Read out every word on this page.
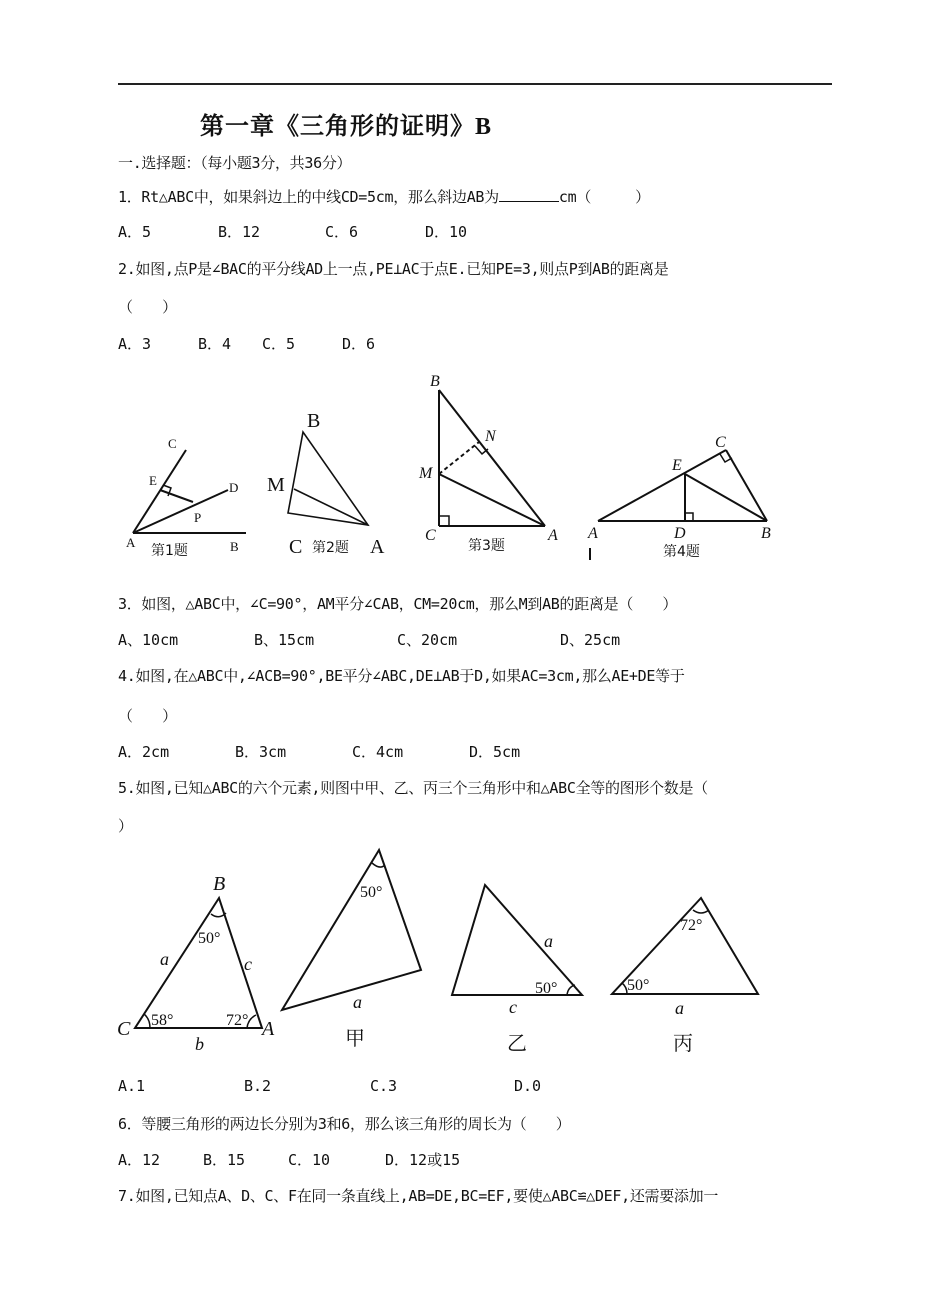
第一章《三角形的证明》B
一.选择题：（每小题3分，共36分）
1．Rt△ABC中，如果斜边上的中线CD=5cm，那么斜边AB为	cm（　　　）
A．5	B．12	C．6	D．10
2.如图,点P是∠BAC的平分线AD上一点,PE⊥AC于点E.已知PE=3,则点P到AB的距离是
（　　）
A．3	B．4 C．5	D．6
C
E	D
P
A	B
第1题
B
M
C	A
第2题
B
N
M
C	A
第3题
C
E
A	D	B
第4题
3．如图，△ABC中，∠C=90°，AM平分∠CAB，CM=20cm，那么M到AB的距离是（　　）
A、10cm	B、15cm	C、20cm	D、25cm
4.如图,在△ABC中,∠ACB=90°,BE平分∠ABC,DE⊥AB于D,如果AC=3cm,那么AE+DE等于
（　　）
A．2cm	B．3cm	C．4cm	D．5cm
5.如图,已知△ABC的六个元素,则图中甲、乙、丙三个三角形中和△ABC全等的图形个数是（
）
B
C	A
a
b
c
50°
58°	72°
50°
a
甲
a
50°
c
乙
72°
50°
a
丙
A.1	B.2	C.3	D.0
6．等腰三角形的两边长分别为3和6，那么该三角形的周长为（　　）
A．12	B．15	C．10	D．12或15
7.如图,已知点A、D、C、F在同一条直线上,AB=DE,BC=EF,要使△ABC≌△DEF,还需要添加一
